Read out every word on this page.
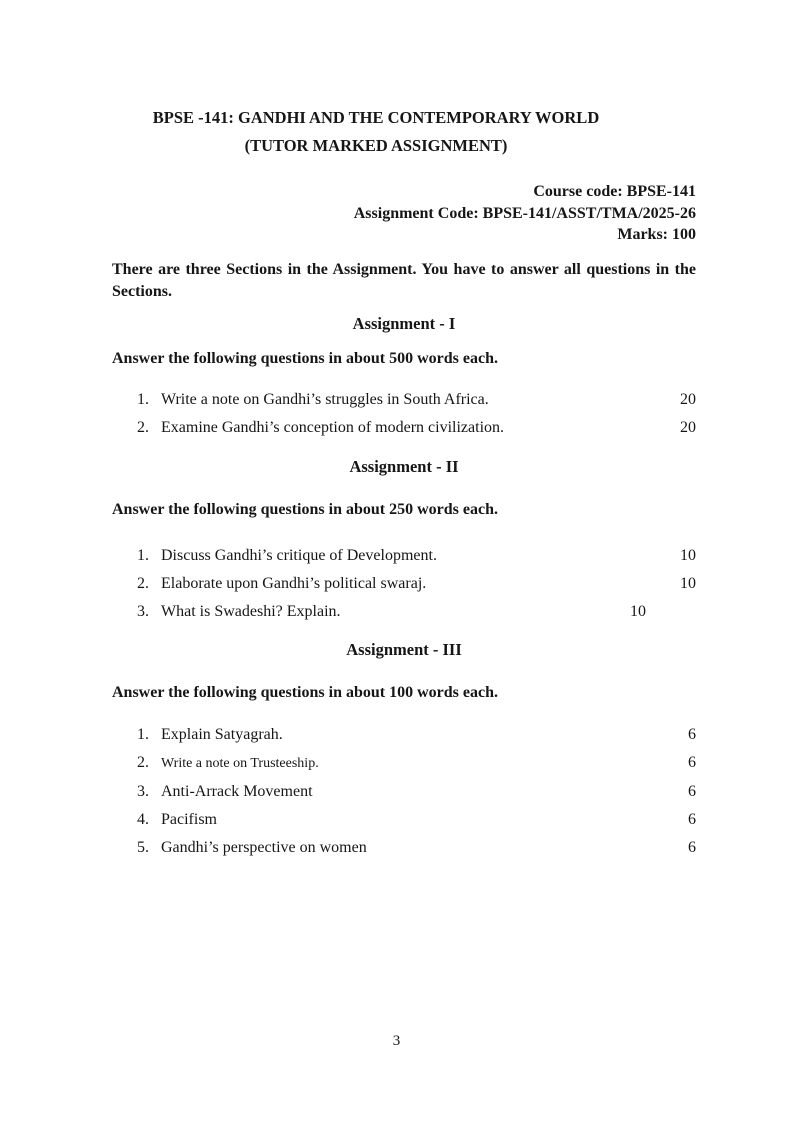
BPSE -141: GANDHI AND THE CONTEMPORARY WORLD
(TUTOR MARKED ASSIGNMENT)
Course code: BPSE-141
Assignment Code: BPSE-141/ASST/TMA/2025-26
Marks: 100

There are three Sections in the Assignment. You have to answer all questions in the
Sections.

Assignment - I

Answer the following questions in about 500 words each.

1. Write a note on Gandhi’s struggles in South Africa.	20
2. Examine Gandhi’s conception of modern civilization.	20
Assignment - II

Answer the following questions in about 250 words each.

1. Discuss Gandhi’s critique of Development.	10
2. Elaborate upon Gandhi’s political swaraj.	10
3. What is Swadeshi? Explain.	10
Assignment - III

Answer the following questions in about 100 words each.

1. Explain Satyagrah.	6
2. Write a note on Trusteeship.	6
3. Anti-Arrack Movement	6
4. Pacifism	6
5. Gandhi’s perspective on women	6
3
